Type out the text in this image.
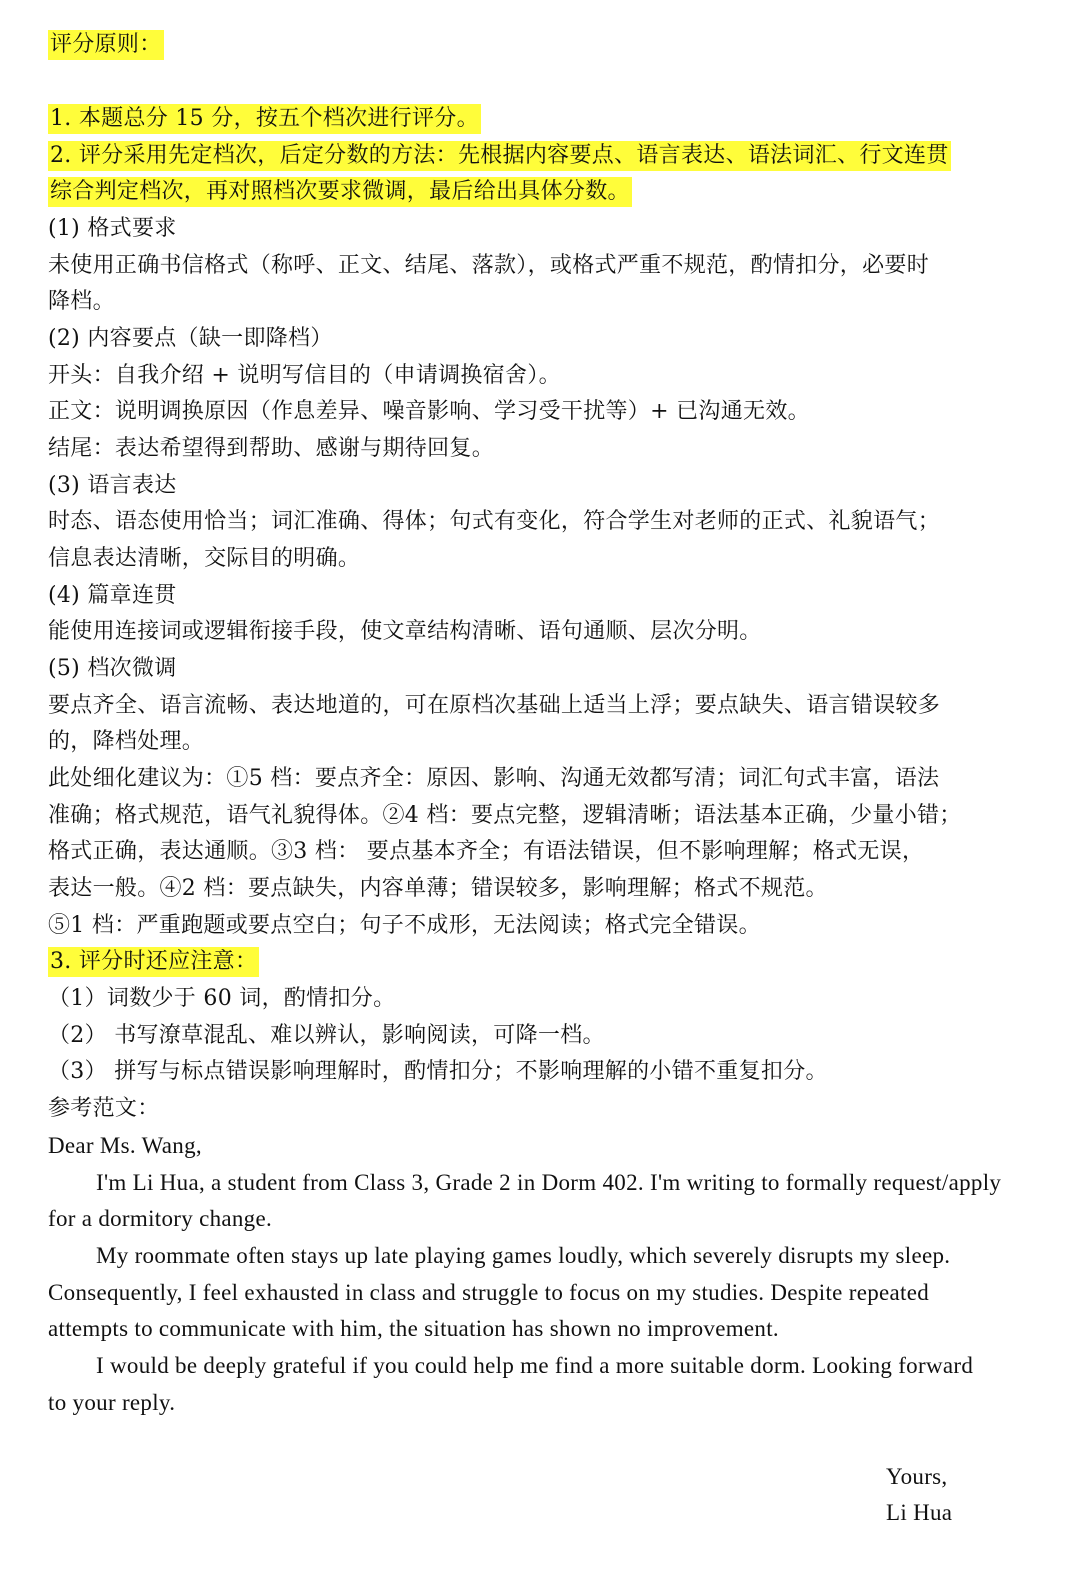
评分原则：
1. 本题总分 15 分，按五个档次进行评分。
2. 评分采用先定档次，后定分数的方法：先根据内容要点、语言表达、语法词汇、行文连贯
综合判定档次，再对照档次要求微调，最后给出具体分数。
(1) 格式要求
未使用正确书信格式（称呼、正文、结尾、落款），或格式严重不规范，酌情扣分，必要时
降档。
(2) 内容要点（缺一即降档）
开头：自我介绍 + 说明写信目的（申请调换宿舍）。
正文：说明调换原因（作息差异、噪音影响、学习受干扰等）+ 已沟通无效。
结尾：表达希望得到帮助、感谢与期待回复。
(3) 语言表达
时态、语态使用恰当；词汇准确、得体；句式有变化，符合学生对老师的正式、礼貌语气；
信息表达清晰，交际目的明确。
(4) 篇章连贯
能使用连接词或逻辑衔接手段，使文章结构清晰、语句通顺、层次分明。
(5) 档次微调
要点齐全、语言流畅、表达地道的，可在原档次基础上适当上浮；要点缺失、语言错误较多
的，降档处理。
此处细化建议为：①5 档：要点齐全：原因、影响、沟通无效都写清；词汇句式丰富，语法
准确；格式规范，语气礼貌得体。②4 档：要点完整，逻辑清晰；语法基本正确，少量小错；
格式正确，表达通顺。③3 档： 要点基本齐全；有语法错误，但不影响理解；格式无误，
表达一般。④2 档：要点缺失，内容单薄；错误较多，影响理解；格式不规范。
⑤1 档：严重跑题或要点空白；句子不成形，无法阅读；格式完全错误。
3. 评分时还应注意：
（1）词数少于 60 词，酌情扣分。
（2） 书写潦草混乱、难以辨认，影响阅读，可降一档。
（3） 拼写与标点错误影响理解时，酌情扣分；不影响理解的小错不重复扣分。
参考范文：
Dear Ms. Wang,
I'm Li Hua, a student from Class 3, Grade 2 in Dorm 402. I'm writing to formally request/apply
for a dormitory change.
My roommate often stays up late playing games loudly, which severely disrupts my sleep.
Consequently, I feel exhausted in class and struggle to focus on my studies. Despite repeated
attempts to communicate with him, the situation has shown no improvement.
I would be deeply grateful if you could help me find a more suitable dorm. Looking forward
to your reply.
Yours,
Li Hua
